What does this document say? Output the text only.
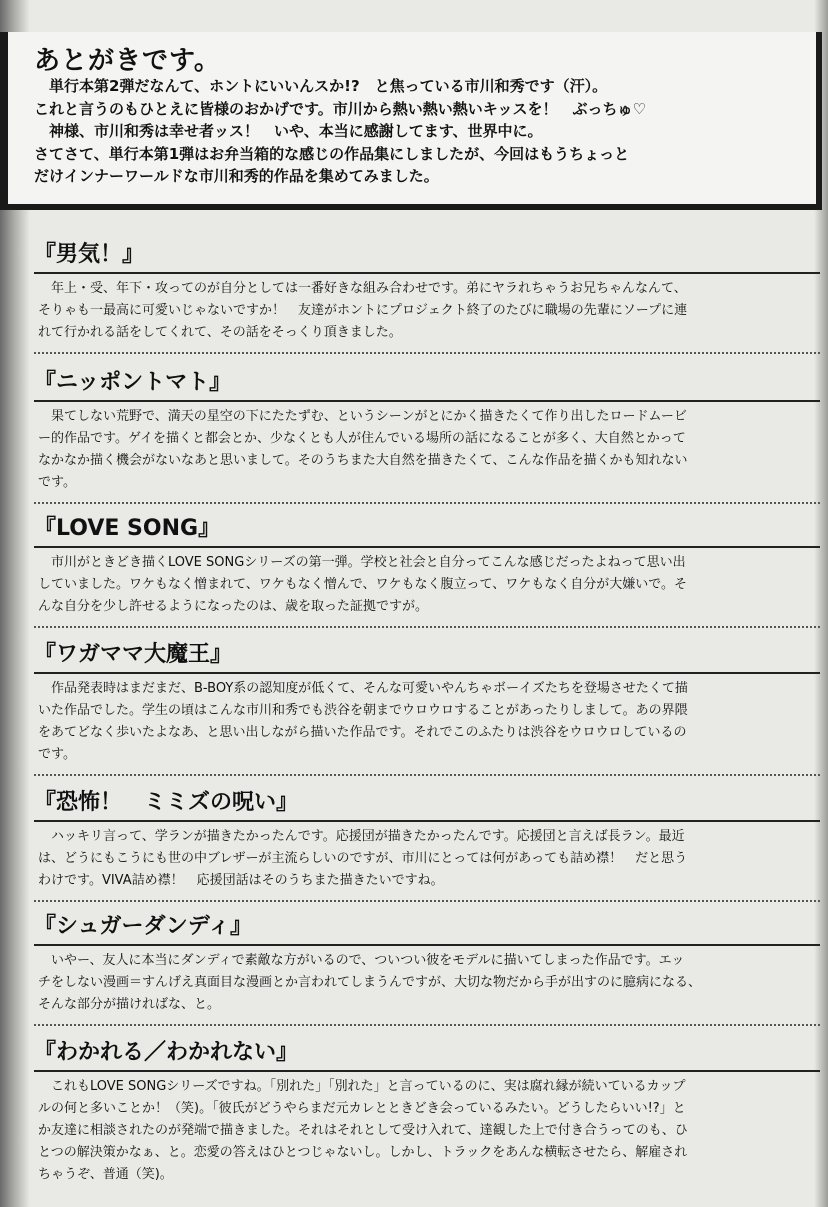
あとがきです。
　単行本第2弾だなんて、ホントにいいんスか!?　と焦っている市川和秀です（汗）。
これと言うのもひとえに皆様のおかげです。市川から熱い熱い熱いキッスを！　ぶっちゅ♡
　神様、市川和秀は幸せ者ッス！　いや、本当に感謝してます、世界中に。
さてさて、単行本第1弾はお弁当箱的な感じの作品集にしましたが、今回はもうちょっと
だけインナーワールドな市川和秀的作品を集めてみました。
『男気！』
　年上・受、年下・攻ってのが自分としては一番好きな組み合わせです。弟にヤラれちゃうお兄ちゃんなんて、
そりゃも一最高に可愛いじゃないですか！　友達がホントにプロジェクト終了のたびに職場の先輩にソープに連
れて行かれる話をしてくれて、その話をそっくり頂きました。
『ニッポントマト』
　果てしない荒野で、満天の星空の下にたたずむ、というシーンがとにかく描きたくて作り出したロードムービ
ー的作品です。ゲイを描くと都会とか、少なくとも人が住んでいる場所の話になることが多く、大自然とかって
なかなか描く機会がないなあと思いまして。そのうちまた大自然を描きたくて、こんな作品を描くかも知れない
です。
『LOVE SONG』
　市川がときどき描くLOVE SONGシリーズの第一弾。学校と社会と自分ってこんな感じだったよねって思い出
していました。ワケもなく憎まれて、ワケもなく憎んで、ワケもなく腹立って、ワケもなく自分が大嫌いで。そ
んな自分を少し許せるようになったのは、歳を取った証拠ですが。
『ワガママ大魔王』
　作品発表時はまだまだ、B-BOY系の認知度が低くて、そんな可愛いやんちゃボーイズたちを登場させたくて描
いた作品でした。学生の頃はこんな市川和秀でも渋谷を朝までウロウロすることがあったりしまして。あの界隈
をあてどなく歩いたよなあ、と思い出しながら描いた作品です。それでこのふたりは渋谷をウロウロしているの
です。
『恐怖！　ミミズの呪い』
　ハッキリ言って、学ランが描きたかったんです。応援団が描きたかったんです。応援団と言えば長ラン。最近
は、どうにもこうにも世の中ブレザーが主流らしいのですが、市川にとっては何があっても詰め襟！　だと思う
わけです。VIVA詰め襟！　応援団話はそのうちまた描きたいですね。
『シュガーダンディ』
　いやー、友人に本当にダンディで素敵な方がいるので、ついつい彼をモデルに描いてしまった作品です。エッ
チをしない漫画＝すんげえ真面目な漫画とか言われてしまうんですが、大切な物だから手が出すのに臆病になる、
そんな部分が描ければな、と。
『わかれる／わかれない』
　これもLOVE SONGシリーズですね。「別れた」「別れた」と言っているのに、実は腐れ縁が続いているカップ
ルの何と多いことか！（笑)。「彼氏がどうやらまだ元カレとときどき会っているみたい。どうしたらいい!?」と
か友達に相談されたのが発端で描きました。それはそれとして受け入れて、達観した上で付き合うってのも、ひ
とつの解決策かなぁ、と。恋愛の答えはひとつじゃないし。しかし、トラックをあんな横転させたら、解雇され
ちゃうぞ、普通（笑)。
